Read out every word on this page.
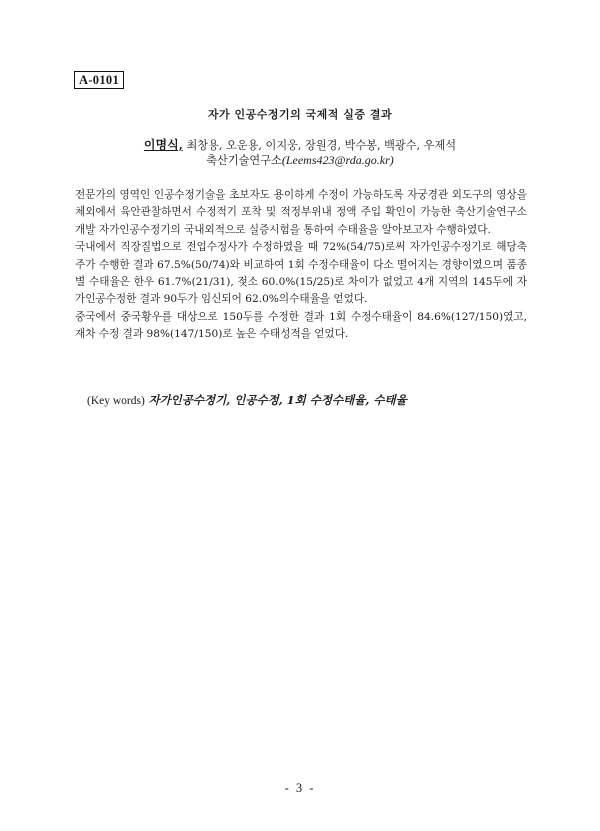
A-0101
자가 인공수정기의 국제적 실증 결과
이명식, 최창용, 오운용, 이지웅, 장원경, 박수봉, 백광수, 우제석
축산기술연구소(Leems423@rda.go.kr)

전문가의 영역인 인공수정기술을 초보자도 용이하게 수정이 가능하도록 자궁경관 외도구의 영상을 체외에서 육안관찰하면서 수정적기 포착 및 적정부위내 정액 주입 확인이 가능한 축산기술연구소 개발 자가인공수정기의 국내외적으로 실증시험을 통하여 수태율을 알아보고자 수행하였다.

국내에서 직장질법으로 전업수정사가 수정하였을 때 72%(54/75)로써 자가인공수정기로 해당축주가 수행한 결과 67.5%(50/74)와 비교하여 1회 수정수태율이 다소 떨어지는 경향이였으며 품종별 수태율은 한우 61.7%(21/31), 젖소 60.0%(15/25)로 차이가 없었고 4개 지역의 145두에 자가인공수정한 결과 90두가 임신되어 62.0%의수태율을 얻었다.

중국에서 중국황우를 대상으로 150두를 수정한 결과 1회 수정수태율이 84.6%(127/150)였고, 재차 수정 결과 98%(147/150)로 높은 수태성적을 얻었다.

(Key words) 자가인공수정기, 인공수정, 1회 수정수태율, 수태율
- 3 -
